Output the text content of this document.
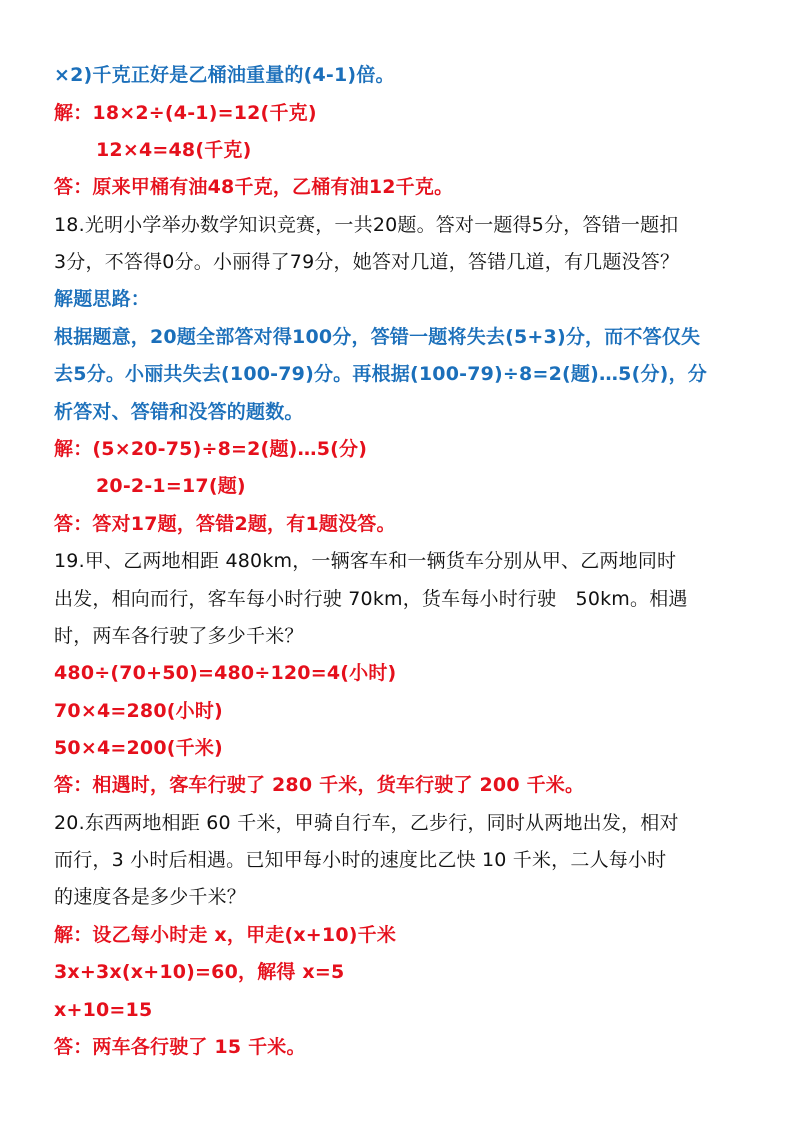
×2)千克正好是乙桶油重量的(4-1)倍。
解：18×2÷(4-1)=12(千克)
12×4=48(千克)
答：原来甲桶有油48千克，乙桶有油12千克。
18.光明小学举办数学知识竞赛，一共20题。答对一题得5分，答错一题扣
3分，不答得0分。小丽得了79分，她答对几道，答错几道，有几题没答？
解题思路：
根据题意，20题全部答对得100分，答错一题将失去(5+3)分，而不答仅失
去5分。小丽共失去(100-79)分。再根据(100-79)÷8=2(题)…5(分)，分
析答对、答错和没答的题数。
解：(5×20-75)÷8=2(题)…5(分)
20-2-1=17(题)
答：答对17题，答错2题，有1题没答。
19.甲、乙两地相距 480km，一辆客车和一辆货车分别从甲、乙两地同时
出发，相向而行，客车每小时行驶 70km，货车每小时行驶　50km。相遇
时，两车各行驶了多少千米？
480÷(70+50)=480÷120=4(小时)
70×4=280(小时)
50×4=200(千米)
答：相遇时，客车行驶了 280 千米，货车行驶了 200 千米。
20.东西两地相距 60 千米，甲骑自行车，乙步行，同时从两地出发，相对
而行，3 小时后相遇。已知甲每小时的速度比乙快 10 千米，二人每小时
的速度各是多少千米？
解：设乙每小时走 x，甲走(x+10)千米
3x+3x(x+10)=60，解得 x=5
x+10=15
答：两车各行驶了 15 千米。
